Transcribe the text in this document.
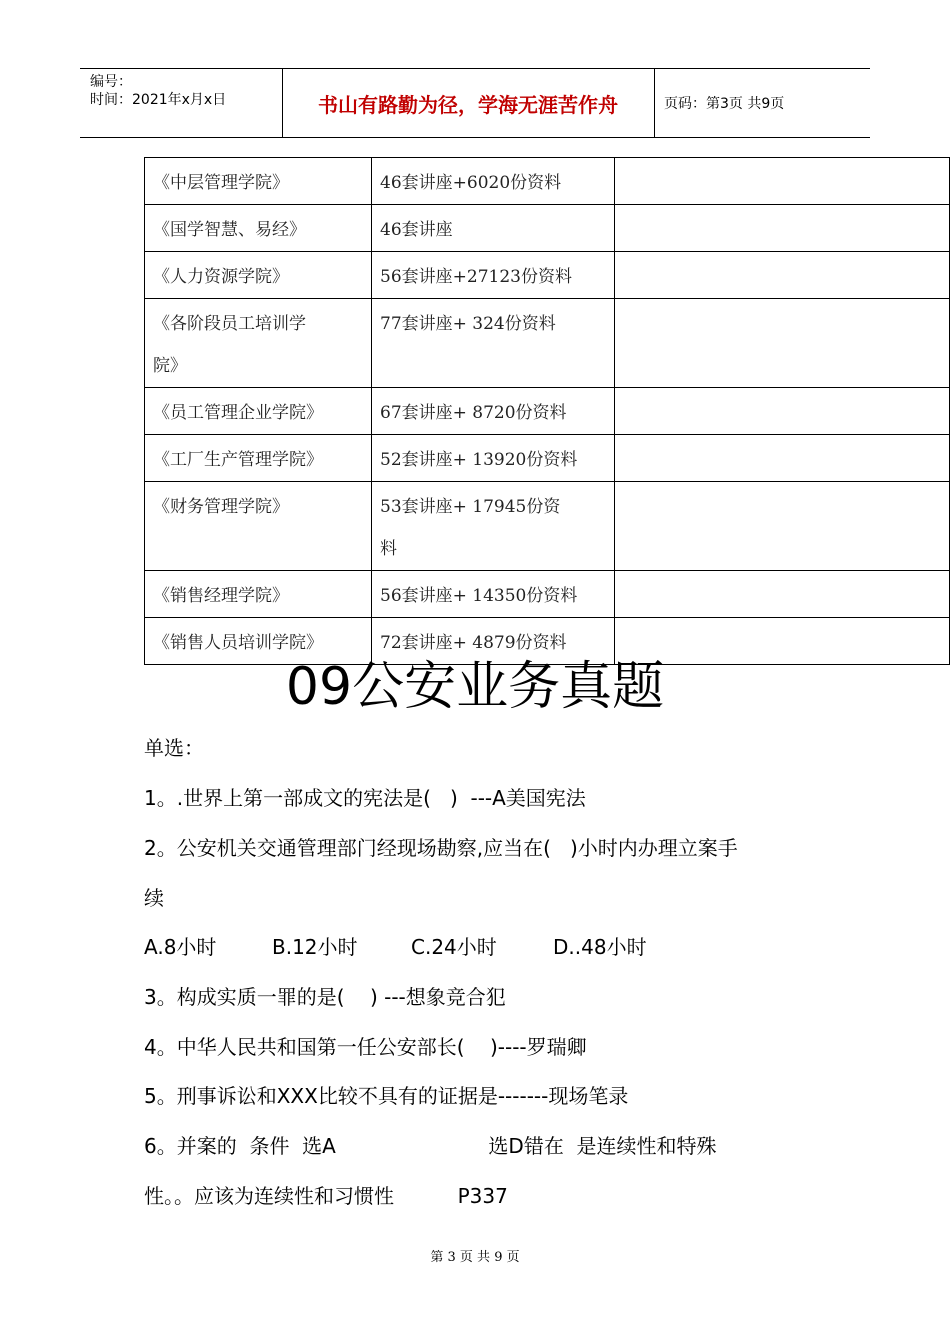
编号：
时间：2021年x月x日	书山有路勤为径，学海无涯苦作舟	页码：第3页 共9页
《中层管理学院》	46套讲座+6020份资料	
《国学智慧、易经》	46套讲座	
《人力资源学院》	56套讲座+27123份资料	

《各阶段员工培训学院》	77套讲座+ 324份资料	
《员工管理企业学院》	67套讲座+ 8720份资料	
《工厂生产管理学院》	52套讲座+ 13920份资料	
《财务管理学院》	53套讲座+ 17945份资料	

《销售经理学院》	56套讲座+ 14350份资料	
《销售人员培训学院》	72套讲座+ 4879份资料	
09公安业务真题
单选：
1。.世界上第一部成文的宪法是(   )  ---A美国宪法
2。公安机关交通管理部门经现场勘察,应当在(   )小时内办理立案手
续
A.8小时	B.12小时	C.24小时	D..48小时
3。构成实质一罪的是(    ) ---想象竞合犯
4。中华人民共和国第一任公安部长(    )----罗瑞卿
5。刑事诉讼和XXX比较不具有的证据是-------现场笔录
6。并案的  条件  选A                        选D错在  是连续性和特殊
性。。应该为连续性和习惯性          P337
第 3 页 共 9 页
